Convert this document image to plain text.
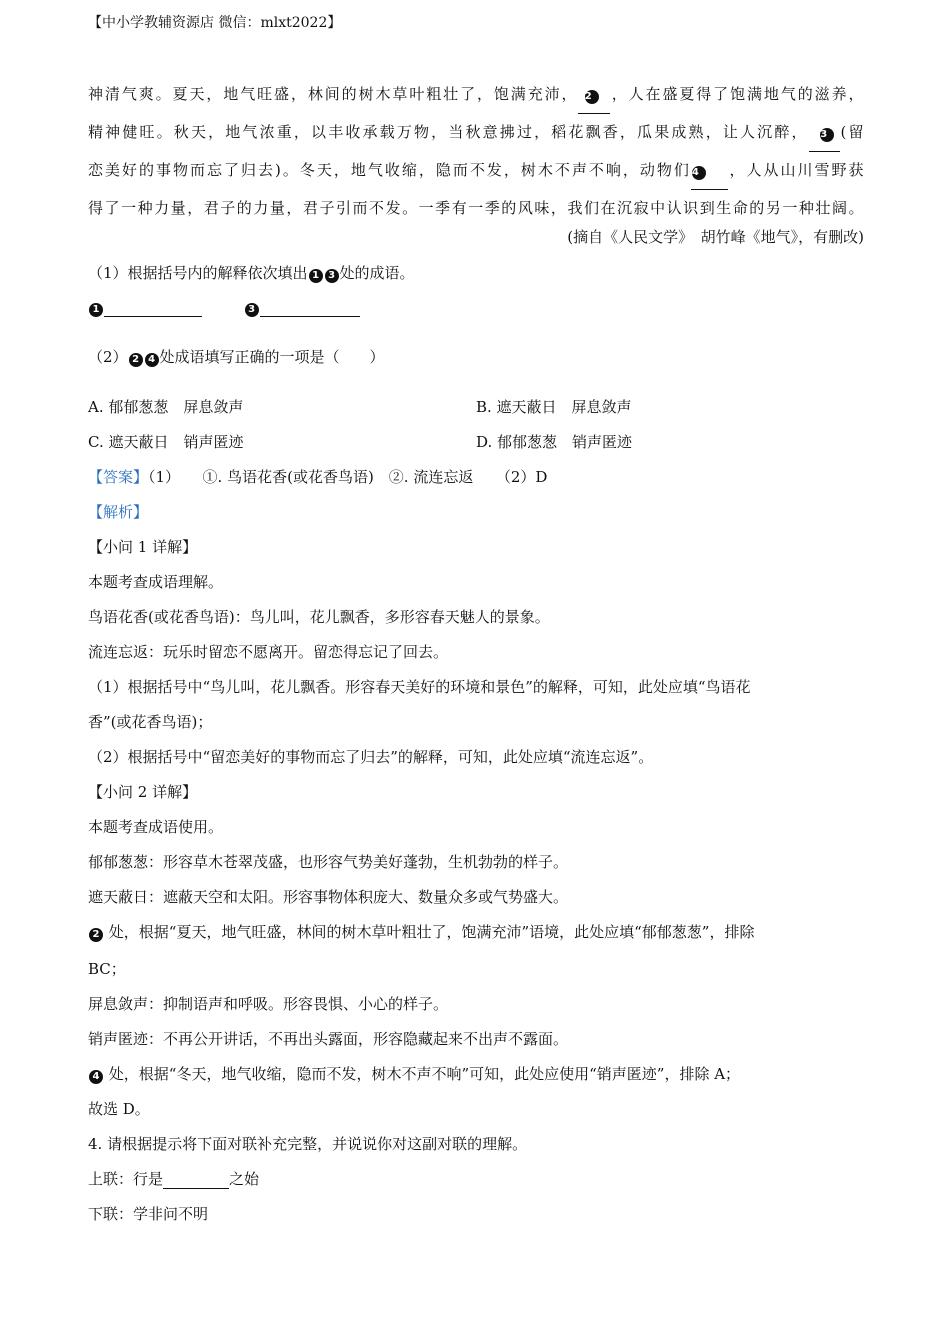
【中小学教辅资源店 微信：mlxt2022】
神清气爽。夏天，地气旺盛，林间的树木草叶粗壮了，饱满充沛， 2 ，人在盛夏得了饱满地气的滋养，
精神健旺。秋天，地气浓重，以丰收承载万物，当秋意拂过，稻花飘香，瓜果成熟，让人沉醉， 3 (留
恋美好的事物而忘了归去)。冬天，地气收缩，隐而不发，树木不声不响，动物们4 ，人从山川雪野获
得了一种力量，君子的力量，君子引而不发。一季有一季的风味，我们在沉寂中认识到生命的另一种壮阔。
(摘自《人民文学》　胡竹峰《地气》，有删改)
（1）根据括号内的解释依次填出 1 3 处的成语。
1	3
（2） 2 4 处成语填写正确的一项是（　　）
A. 郁郁葱葱　屏息敛声	B. 遮天蔽日　屏息敛声
C. 遮天蔽日　销声匿迹	D. 郁郁葱葱　销声匿迹
【答案】（1）　　①. 鸟语花香(或花香鸟语)　②. 流连忘返　　（2）D
【解析】
【小问 1 详解】
本题考查成语理解。
鸟语花香(或花香鸟语)：鸟儿叫，花儿飘香，多形容春天魅人的景象。
流连忘返：玩乐时留恋不愿离开。留恋得忘记了回去。
（1）根据括号中“鸟儿叫，花儿飘香。形容春天美好的环境和景色”的解释，可知，此处应填“鸟语花
香”(或花香鸟语)；
（2）根据括号中“留恋美好的事物而忘了归去”的解释，可知，此处应填“流连忘返”。
【小问 2 详解】
本题考查成语使用。
郁郁葱葱：形容草木苍翠茂盛，也形容气势美好蓬勃，生机勃勃的样子。
遮天蔽日：遮蔽天空和太阳。形容事物体积庞大、数量众多或气势盛大。
2 处，根据“夏天，地气旺盛，林间的树木草叶粗壮了，饱满充沛”语境，此处应填“郁郁葱葱”，排除
BC；
屏息敛声：抑制语声和呼吸。形容畏惧、小心的样子。
销声匿迹：不再公开讲话，不再出头露面，形容隐藏起来不出声不露面。
4 处，根据“冬天，地气收缩，隐而不发，树木不声不响”可知，此处应使用“销声匿迹”，排除 A；
故选 D。
4. 请根据提示将下面对联补充完整，并说说你对这副对联的理解。
上联：行是	之始
下联：学非问不明
